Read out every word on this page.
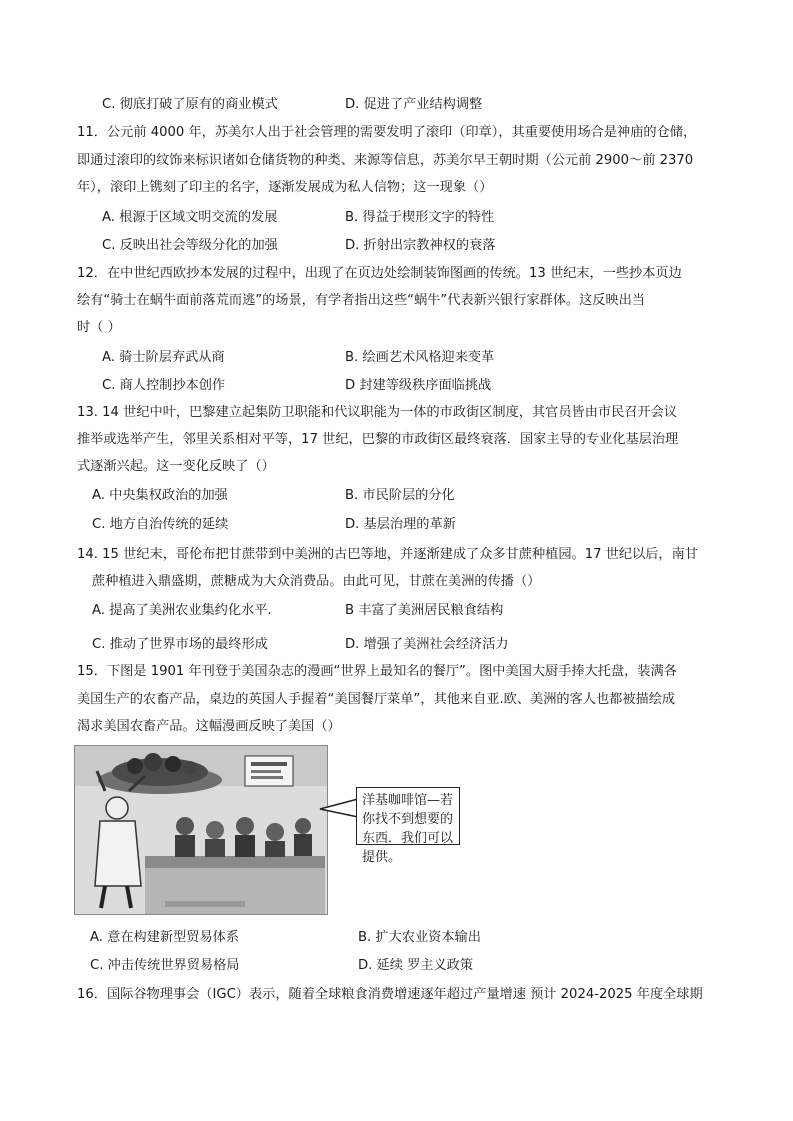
C. 彻底打破了原有的商业模式	D. 促进了产业结构调整
11．公元前 4000 年，苏美尔人出于社会管理的需要发明了滚印（印章），其重要使用场合是神庙的仓储，
即通过滚印的纹饰来标识诸如仓储货物的种类、来源等信息，苏美尔早王朝时期（公元前 2900～前 2370
年），滚印上镌刻了印主的名字，逐渐发展成为私人信物；这一现象（）
A. 根源于区域文明交流的发展	B. 得益于楔形文字的特性
C. 反映出社会等级分化的加强	D. 折射出宗教神权的衰落
12．在中世纪西欧抄本发展的过程中，出现了在页边处绘制装饰图画的传统。13 世纪末，一些抄本页边
绘有“骑士在蜗牛面前落荒而逃”的场景，有学者指出这些“蜗牛”代表新兴银行家群体。这反映出当
时（ ）
A. 骑士阶层弃武从商	B. 绘画艺术风格迎来变革
C. 商人控制抄本创作	D 封建等级秩序面临挑战
13. 14 世纪中叶，巴黎建立起集防卫职能和代议职能为一体的市政街区制度，其官员皆由市民召开会议
推举或选举产生，邻里关系相对平等，17 世纪，巴黎的市政街区最终衰落．国家主导的专业化基层治理
式逐渐兴起。这一变化反映了（）
A. 中央集权政治的加强	B. 市民阶层的分化
C. 地方自治传统的延续	D. 基层治理的革新
14. 15 世纪末，哥伦布把甘蔗带到中美洲的古巴等地，并逐渐建成了众多甘蔗种植园。17 世纪以后，南甘
蔗种植进入鼎盛期，蔗糖成为大众消费品。由此可见，甘蔗在美洲的传播（）
A. 提高了美洲农业集约化水平.	B 丰富了美洲居民粮食结构
C. 推动了世界市场的最终形成	D. 增强了美洲社会经济活力
15．下图是 1901 年刊登于美国杂志的漫画“世界上最知名的餐厅”。图中美国大厨手捧大托盘，装满各
美国生产的农畜产品，桌边的英国人手握着“美国餐厅菜单”，其他来自亚.欧、美洲的客人也都被描绘成
渴求美国农畜产品。这幅漫画反映了美国（）
洋基咖啡馆—若你找不到想要的东西．我们可以提供。
A. 意在构建新型贸易体系	B. 扩大农业资本输出
C. 冲击传统世界贸易格局	D. 延续 罗主义政策
16．国际谷物理事会（IGC）表示，随着全球粮食消费增速逐年超过产量增速 预计 2024-2025 年度全球期
